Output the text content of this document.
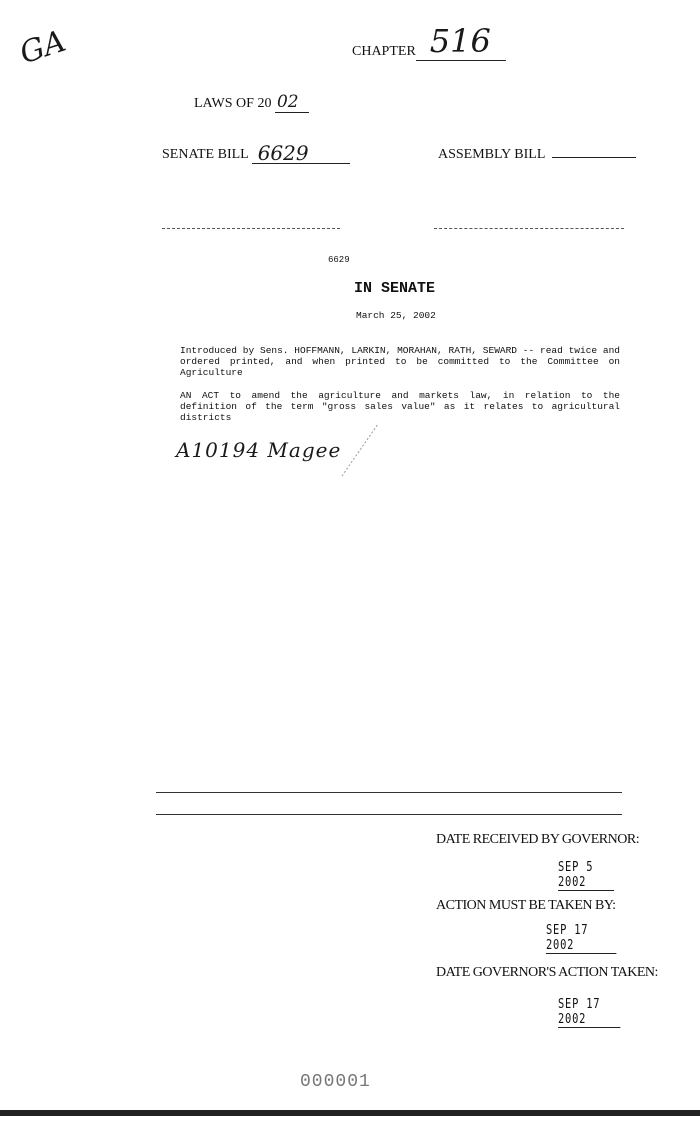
GA	CHAPTER 516
LAWS OF 20 02
SENATE BILL 6629	ASSEMBLY BILL
6629
IN SENATE
March 25, 2002
Introduced by Sens. HOFFMANN, LARKIN, MORAHAN, RATH, SEWARD -- read twice and ordered printed, and when printed to be committed to the Committee on Agriculture
AN ACT to amend the agriculture and markets law, in relation to the definition of the term "gross sales value" as it relates to agricultural districts
A10194 Magee
DATE RECEIVED BY GOVERNOR:
SEP 5 2002
ACTION MUST BE TAKEN BY:
SEP 17 2002
DATE GOVERNOR'S ACTION TAKEN:
SEP 17 2002
000001
